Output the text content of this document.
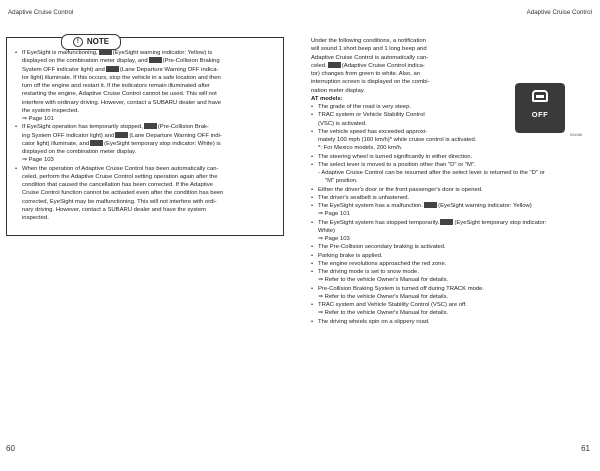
Adaptive Cruise Control	Adaptive Cruise Control
! NOTE
• If EyeSight is malfunctioning,	(EyeSight warning indicator: Yellow) is
displayed on the combination meter display, and	(Pre-Collision Braking
System OFF indicator light) and	(Lane Departure Warning OFF indica-
tor light) illuminate. If this occurs, stop the vehicle in a safe location and then
turn off the engine and restart it. If the indicators remain illuminated after
restarting the engine, Adaptive Cruise Control cannot be used. This will not
interfere with ordinary driving. However, contact a SUBARU dealer and have
the system inspected.
⇒ Page 101
• If EyeSight operation has temporarily stopped,	(Pre-Collision Brak-
ing System OFF indicator light) and	(Lane Departure Warning OFF indi-
cator light) illuminate, and	(EyeSight temporary stop indicator: White) is
displayed on the combination meter display.
⇒ Page 103
• When the operation of Adaptive Cruise Control has been automatically can-
celed, perform the Adaptive Cruise Control setting operation again after the
condition that caused the cancellation has been corrected. If the Adaptive
Cruise Control function cannot be activated even after the condition has been
corrected, EyeSight may be malfunctioning. This will not interfere with ordi-
nary driving. However, contact a SUBARU dealer and have the system
inspected.
Under the following conditions, a notification
will sound 1 short beep and 1 long beep and
Adaptive Cruise Control is automatically can-
celed.	(Adaptive Cruise Control indica-
tor) changes from green to white. Also, an
interruption screen is displayed on the combi-
nation meter display.
AT models:
• The grade of the road is very steep.
• TRAC system or Vehicle Stability Control
(VSC) is activated.
• The vehicle speed has exceeded approxi-
mately 100 mph (160 km/h)* while cruise control is activated.
*: For Mexico models, 200 km/h.
• The steering wheel is turned significantly in either direction.
• The select lever is moved to a position other than "D" or "M".
- Adaptive Cruise Control can be resumed after the select lever is returned to the "D" or
"M" position.
• Either the driver's door or the front passenger's door is opened.
• The driver's seatbelt is unfastened.
• The EyeSight system has a malfunction.	(EyeSight warning indicator: Yellow)
⇒ Page 101
• The EyeSight system has stopped temporarily.	(EyeSight temporary stop indicator:
White)
⇒ Page 103
• The Pre-Collision secondary braking is activated.
• Parking brake is applied.
• The engine revolutions approached the red zone.
• The driving mode is set to snow mode.
⇒ Refer to the vehicle Owner's Manual for details.
• Pre-Collision Braking System is turned off during TRACK mode.
⇒ Refer to the vehicle Owner's Manual for details.
• TRAC system and Vehicle Stability Control (VSC) are off.
⇒ Refer to the vehicle Owner's Manual for details.
• The driving wheels spin on a slippery road.
OFF
004166
60	61
